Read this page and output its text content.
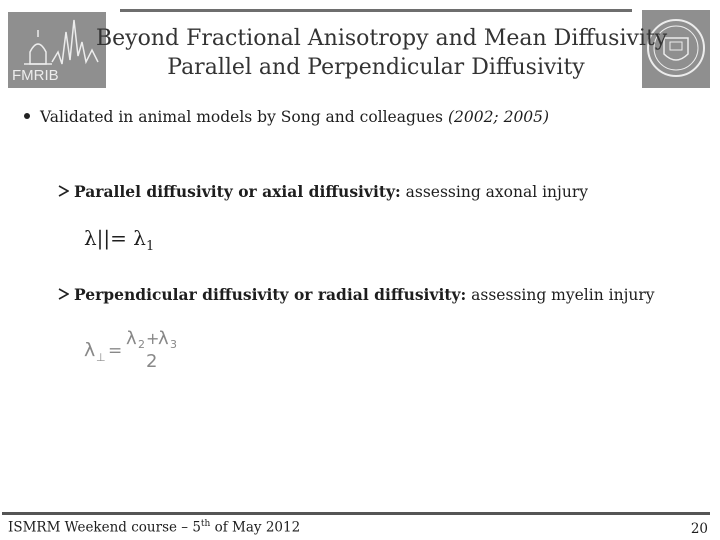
FMRIB
Beyond Fractional Anisotropy and Mean Diffusivity
Parallel and Perpendicular Diffusivity
Validated in animal models by Song and colleagues (2002; 2005)
Parallel diffusivity or axial diffusivity: assessing axonal injury
$\lambda||= \lambda_1$
Perpendicular diffusivity or radial diffusivity: assessing myelin injury
λ ⊥ =
λ 2 +
λ 3
2
ISMRM Weekend course – 5th of May 2012	20
